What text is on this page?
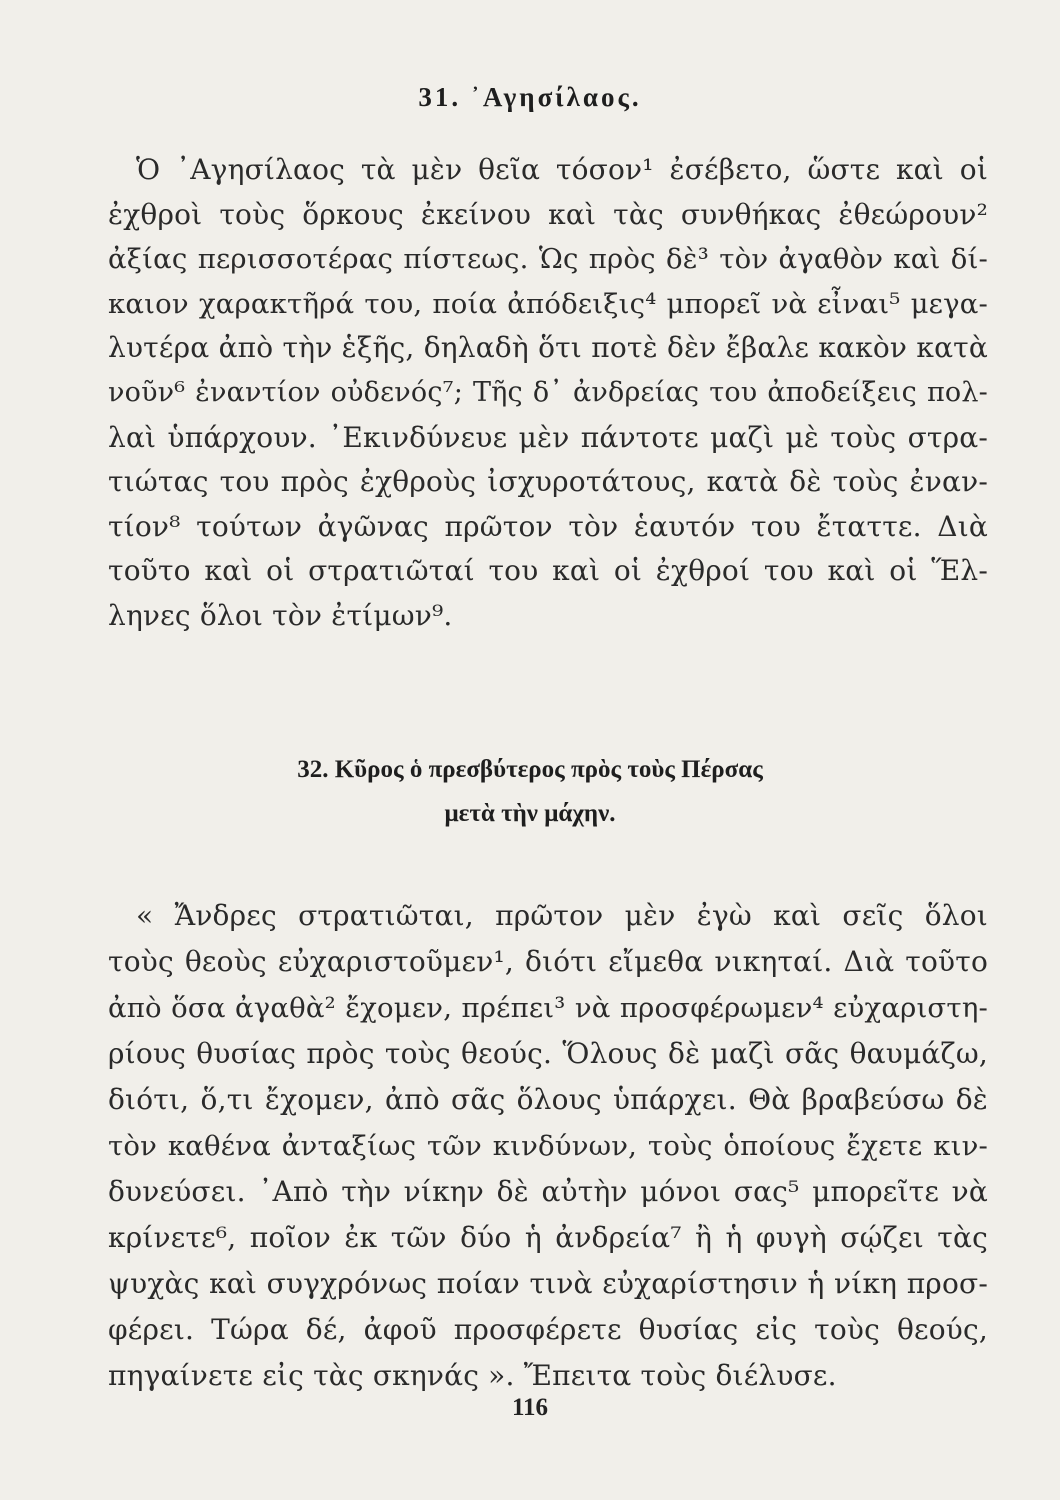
31. ᾿Αγησίλαος.
Ὁ ᾿Αγησίλαος τὰ μὲν θεῖα τόσον¹ ἐσέβετο, ὥστε καὶ οἱ
ἐχθροὶ τοὺς ὅρκους ἐκείνου καὶ τὰς συνθήκας ἐθεώρουν²
ἀξίας περισσοτέρας πίστεως. Ὡς πρὸς δὲ³ τὸν ἀγαθὸν καὶ δί-
καιον χαρακτῆρά του, ποία ἀπόδειξις⁴ μπορεῖ νὰ εἶναι⁵ μεγα-
λυτέρα ἀπὸ τὴν ἑξῆς, δηλαδὴ ὅτι ποτὲ δὲν ἔβαλε κακὸν κατὰ
νοῦν⁶ ἐναντίον οὐδενός⁷; Τῆς δ᾿ ἀνδρείας του ἀποδείξεις πολ-
λαὶ ὑπάρχουν. ᾿Εκινδύνευε μὲν πάντοτε μαζὶ μὲ τοὺς στρα-
τιώτας του πρὸς ἐχθροὺς ἰσχυροτάτους, κατὰ δὲ τοὺς ἐναν-
τίον⁸ τούτων ἀγῶνας πρῶτον τὸν ἑαυτόν του ἔταττε. Διὰ
τοῦτο καὶ οἱ στρατιῶταί του καὶ οἱ ἐχθροί του καὶ οἱ Ἕλ-
ληνες ὅλοι τὸν ἐτίμων⁹.
32. Κῦρος ὁ πρεσβύτερος πρὸς τοὺς Πέρσας
μετὰ τὴν μάχην.
« Ἄνδρες στρατιῶται, πρῶτον μὲν ἐγὼ καὶ σεῖς ὅλοι
τοὺς θεοὺς εὐχαριστοῦμεν¹, διότι εἴμεθα νικηταί. Διὰ τοῦτο
ἀπὸ ὅσα ἀγαθὰ² ἔχομεν, πρέπει³ νὰ προσφέρωμεν⁴ εὐχαριστη-
ρίους θυσίας πρὸς τοὺς θεούς. Ὅλους δὲ μαζὶ σᾶς θαυμάζω,
διότι, ὅ,τι ἔχομεν, ἀπὸ σᾶς ὅλους ὑπάρχει. Θὰ βραβεύσω δὲ
τὸν καθένα ἀνταξίως τῶν κινδύνων, τοὺς ὁποίους ἔχετε κιν-
δυνεύσει. ᾿Απὸ τὴν νίκην δὲ αὐτὴν μόνοι σας⁵ μπορεῖτε νὰ
κρίνετε⁶, ποῖον ἐκ τῶν δύο ἡ ἀνδρεία⁷ ἢ ἡ φυγὴ σῴζει τὰς
ψυχὰς καὶ συγχρόνως ποίαν τινὰ εὐχαρίστησιν ἡ νίκη προσ-
φέρει. Τώρα δέ, ἀφοῦ προσφέρετε θυσίας εἰς τοὺς θεούς,
πηγαίνετε εἰς τὰς σκηνάς ». Ἔπειτα τοὺς διέλυσε.
116
